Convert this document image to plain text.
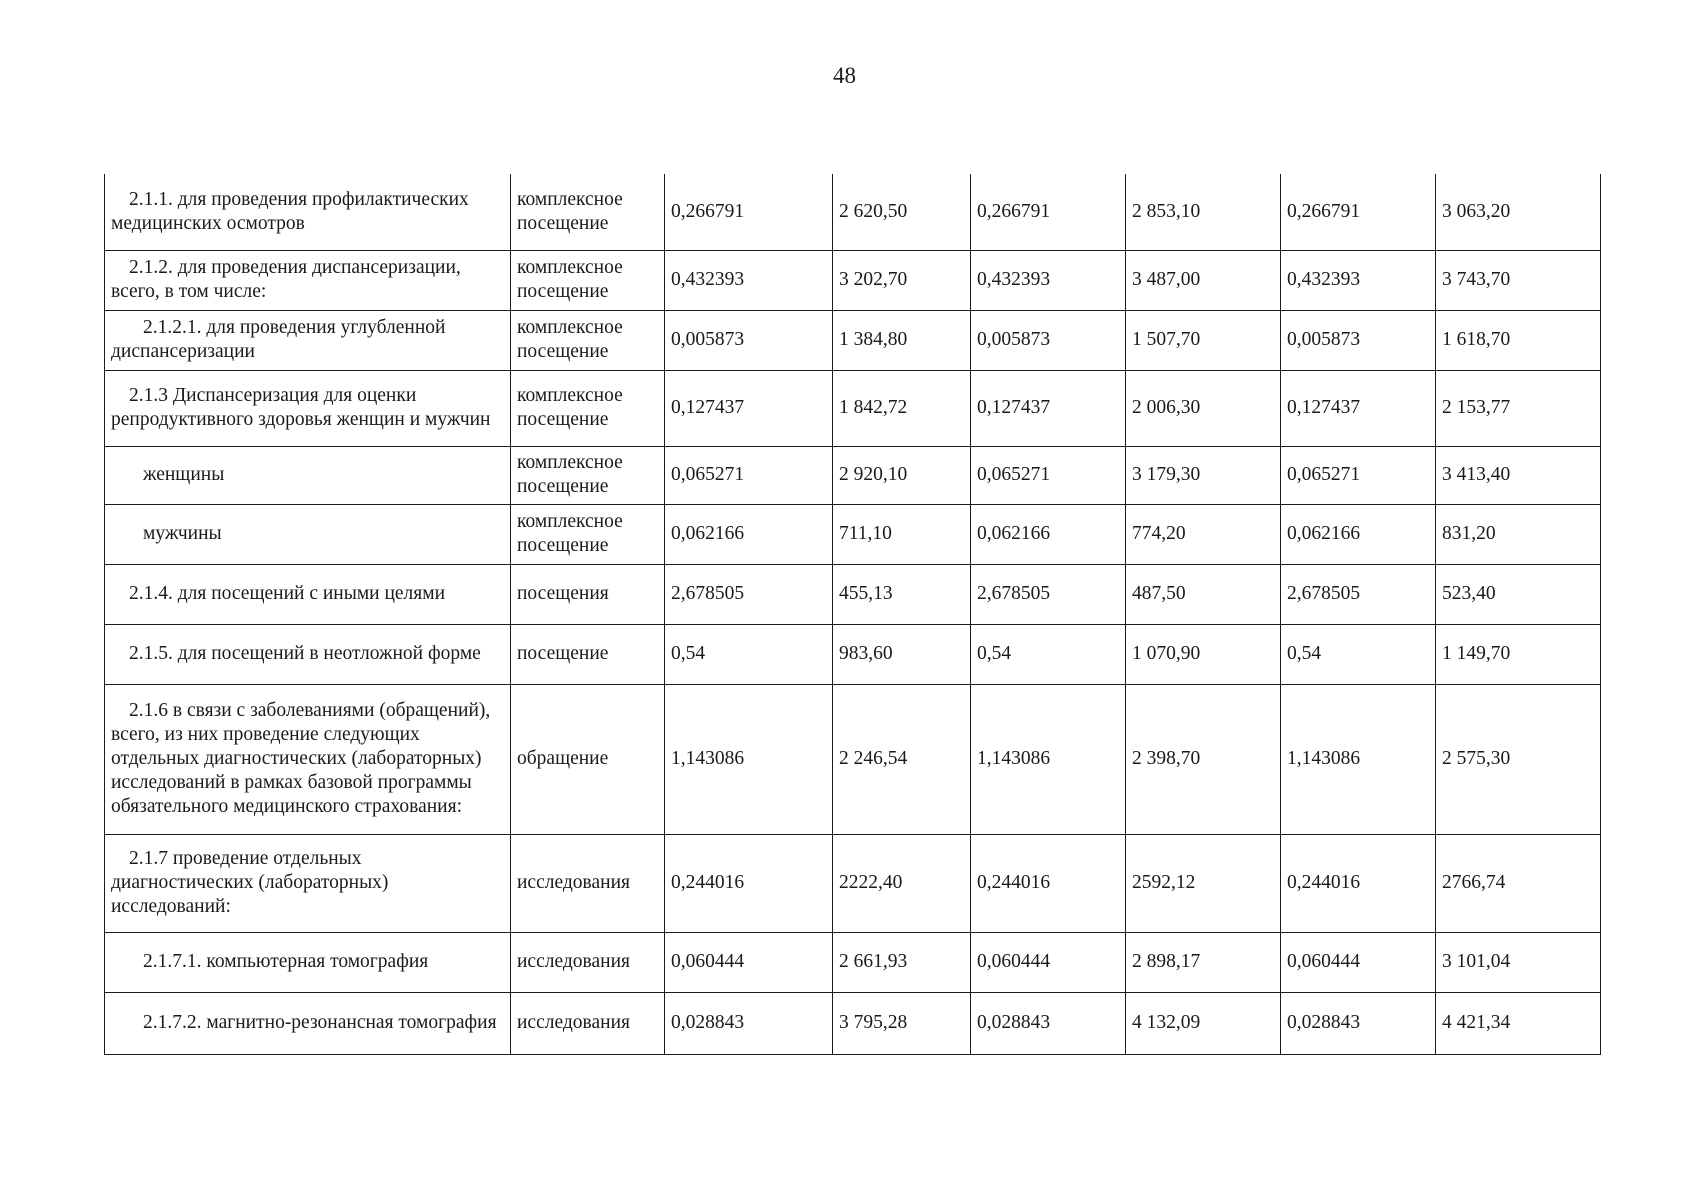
48
2.1.1. для проведения профилактических медицинских осмотров	комплексное посещение	0,266791	2 620,50	0,266791	2 853,10	0,266791	3 063,20
2.1.2. для проведения диспансеризации, всего, в том числе:	комплексное посещение	0,432393	3 202,70	0,432393	3 487,00	0,432393	3 743,70
2.1.2.1. для проведения углубленной диспансеризации	комплексное посещение	0,005873	1 384,80	0,005873	1 507,70	0,005873	1 618,70
2.1.3 Диспансеризация для оценки репродуктивного здоровья женщин и мужчин	комплексное посещение	0,127437	1 842,72	0,127437	2 006,30	0,127437	2 153,77
женщины	комплексное посещение	0,065271	2 920,10	0,065271	3 179,30	0,065271	3 413,40
мужчины	комплексное посещение	0,062166	711,10	0,062166	774,20	0,062166	831,20
2.1.4. для посещений с иными целями	посещения	2,678505	455,13	2,678505	487,50	2,678505	523,40
2.1.5. для посещений в неотложной форме	посещение	0,54	983,60	0,54	1 070,90	0,54	1 149,70
2.1.6 в связи с заболеваниями (обращений), всего, из них проведение следующих отдельных диагностических (лабораторных) исследований в рамках базовой программы обязательного медицинского страхования:	обращение	1,143086	2 246,54	1,143086	2 398,70	1,143086	2 575,30
2.1.7 проведение отдельных диагностических (лабораторных) исследований:	исследования	0,244016	2222,40	0,244016	2592,12	0,244016	2766,74
2.1.7.1. компьютерная томография	исследования	0,060444	2 661,93	0,060444	2 898,17	0,060444	3 101,04
2.1.7.2. магнитно-резонансная томография	исследования	0,028843	3 795,28	0,028843	4 132,09	0,028843	4 421,34
